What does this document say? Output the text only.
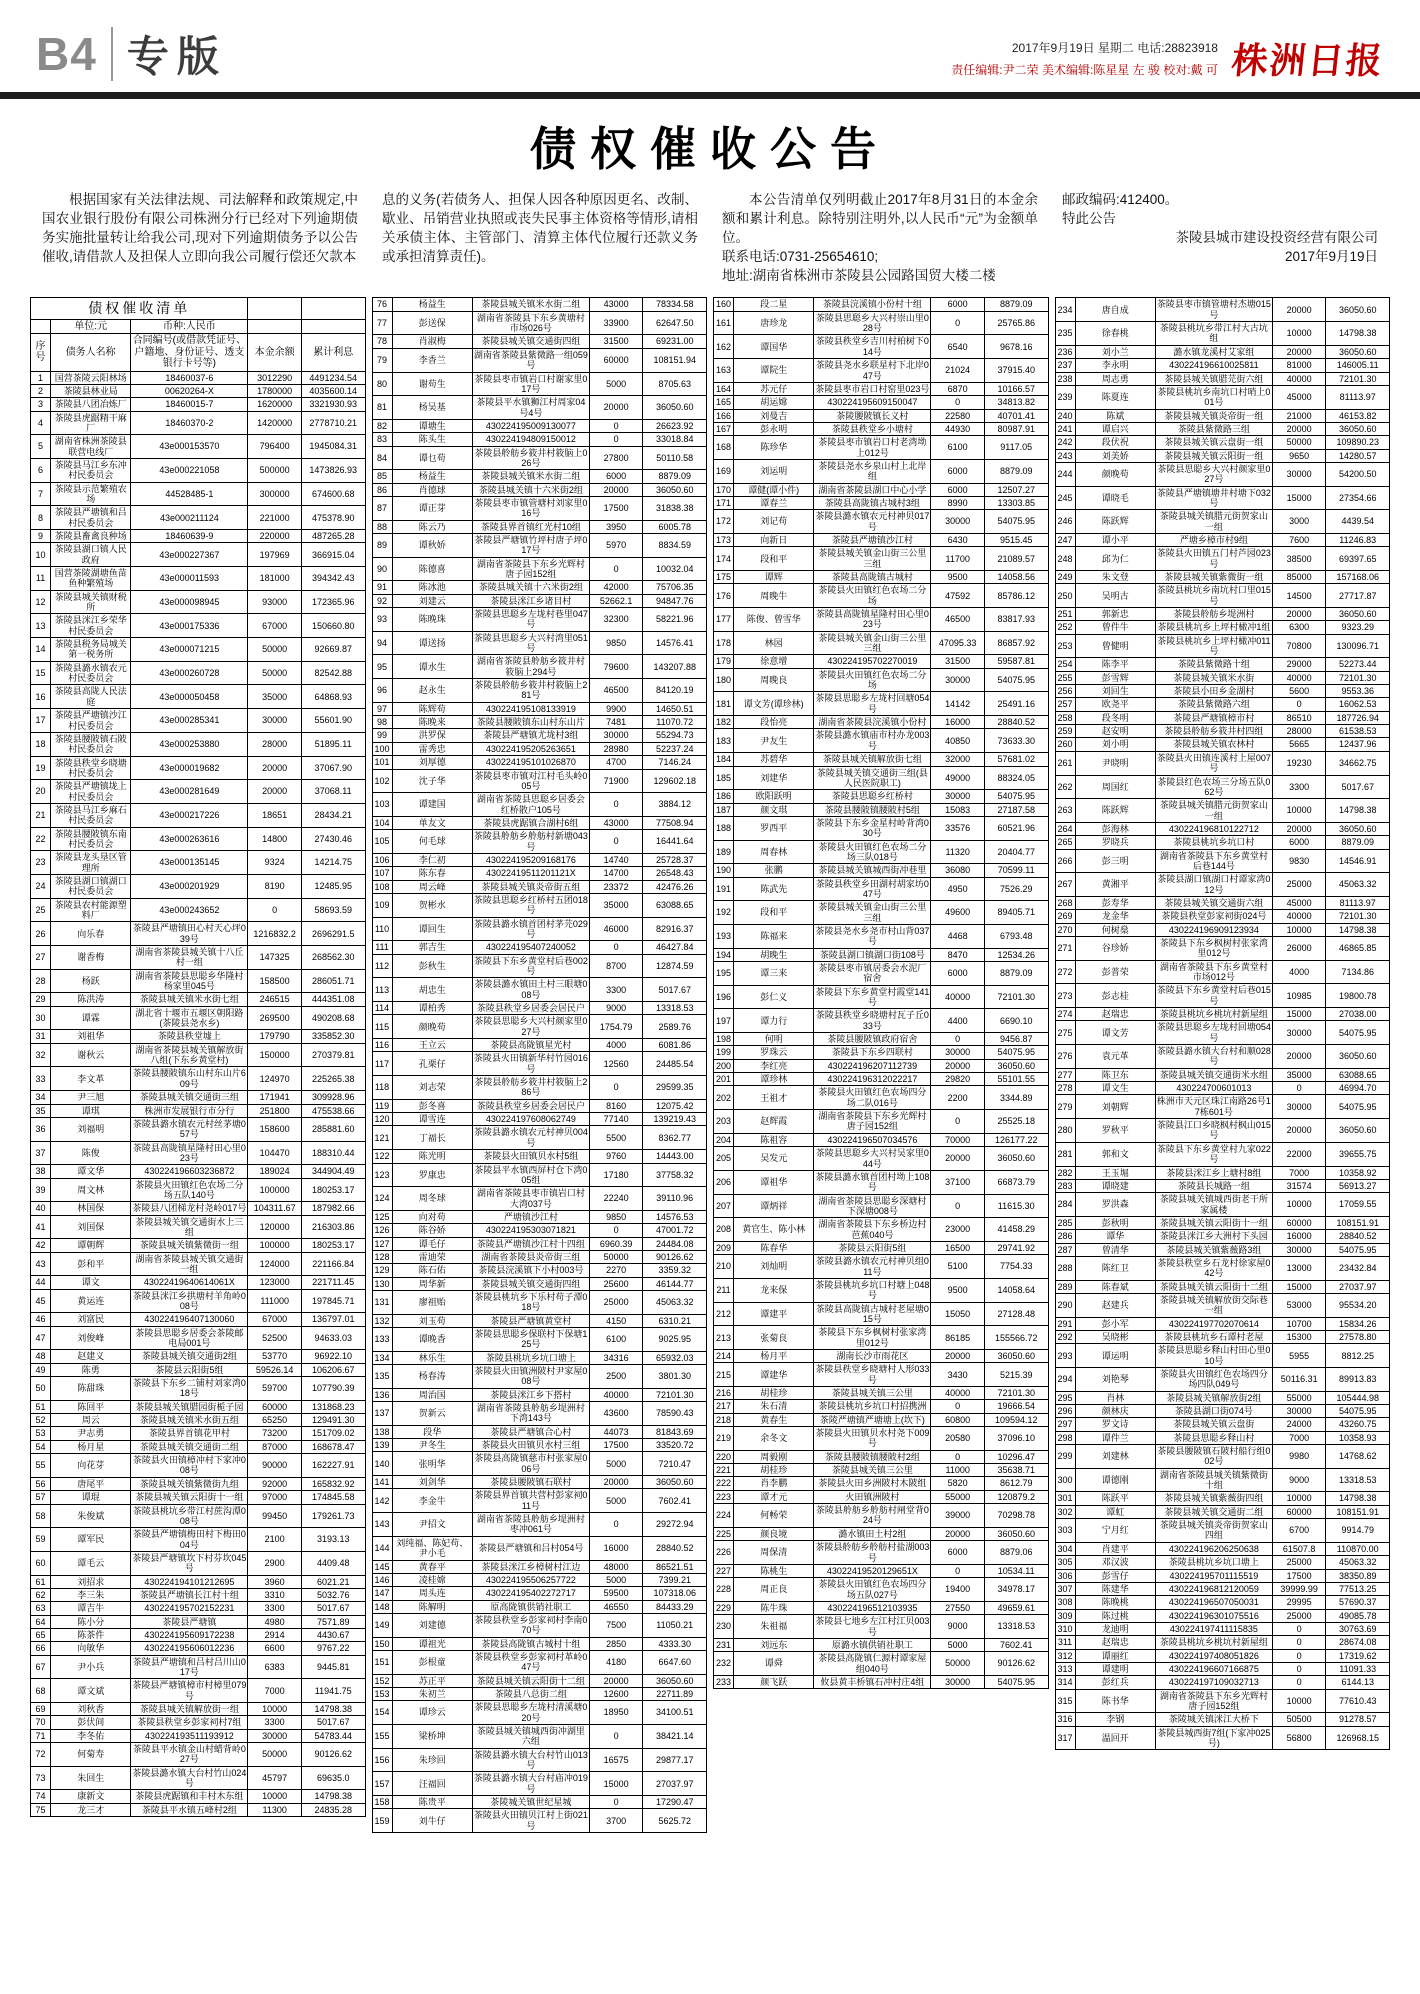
B4 专版	2017年9月19日 星期二 电话:28823918
责任编辑:尹二荣 美术编辑:陈星星 左 骏 校对:戴 可 株洲日报
债权催收公告

根据国家有关法律法规、司法解释和政策规定,中国农业银行股份有限公司株洲分行已经对下列逾期债务实施批量转让给我公司,现对下列逾期债务予以公告催收,请借款人及担保人立即向我公司履行偿还欠款本

息的义务(若债务人、担保人因各种原因更名、改制、歇业、吊销营业执照或丧失民事主体资格等情形,请相关承债主体、主管部门、清算主体代位履行还款义务或承担清算责任)。

本公告清单仅列明截止2017年8月31日的本金余额和累计利息。除特别注明外,以人民币“元”为金额单位。

联系电话:0731-25654610;

地址:湖南省株洲市茶陵县公园路国贸大楼二楼

邮政编码:412400。

特此公告

茶陵县城市建设投资经营有限公司

2017年9月19日

债权催收清单				
	单位:元	币种:人民币		
序号	债务人名称	合同编号(或借款凭证号、户籍地、身份证号、透支银行卡号等)	本金余额	累计利息
1	国营茶陵云阳林场	18460037-6	3012290	4491234.54
2	茶陵县林业局	00620264-X	1780000	4035600.14
3	茶陵县八团冶炼厂	18460015-7	1620000	3321930.93
4	茶陵县虎踞精干麻厂	18460370-2	1420000	2778710.21
5	湖南省株洲茶陵县联营电线厂	43e000153570	796400	1945084.31
6	茶陵县马江乡东冲村民委员会	43e000221058	500000	1473826.93
7	茶陵县示范繁殖农场	44528485-1	300000	674600.68
8	茶陵县严塘镇和吕村民委员会	43e000211124	221000	475378.90
9	茶陵县畜禽良种场	18460639-9	220000	487265.28
10	茶陵县湖口镇人民政府	43e000227367	197969	366915.04
11	国营茶陵湖塘鱼苗鱼种繁殖场	43e000011593	181000	394342.43
12	茶陵县城关镇财税所	43e000098945	93000	172365.96
13	茶陵县洣江乡荣华村民委员会	43e000175336	67000	150660.80
14	茶陵县税务局城关第一税务所	43e000071215	50000	92669.87
15	茶陵县潞水镇农元村民委员会	43e000260728	50000	82542.88
16	茶陵县高陇人民法庭	43e000050458	35000	64868.93
17	茶陵县严塘镇沙江村民委员会	43e000285341	30000	55601.90
18	茶陵县腰陂镇石陂村民委员会	43e000253880	28000	51895.11
19	茶陵县秩堂乡晓塘村民委员会	43e000019682	20000	37067.90
20	茶陵县严塘镇垅上村民委员会	43e000281649	20000	37068.11
21	茶陵县马江乡麻石村民委员会	43e000217226	18651	28434.21
22	茶陵县腰陂镇东南村民委员会	43e000263616	14800	27430.46
23	茶陵县龙头垦区管理所	43e000135145	9324	14214.75
24	茶陵县湖口镇湖口村民委员会	43e000201929	8190	12485.95
25	茶陵县农村能源塑料厂	43e000243652	0	58693.59
26	向乐春	茶陵县严塘镇田心村天心坪039号	1216832.2	2696291.5
27	谢香梅	湖南省茶陵县城关镇十八丘村一组	147325	268562.30
28	杨跃	湖南省茶陵县思聪乡华隆村杨家里045号	158500	286051.71
29	陈洪涛	茶陵县城关镇米水街七组	246515	444351.08
30	谭霖	湖北省十堰市五堰区朝阳路(茶陵县尧水乡)	269500	490208.68
31	刘祖华	茶陵县秩堂墟上	179790	335852.30
32	谢秋云	湖南省茶陵县城关镇解放街八组(下东乡黄堂村)	150000	270379.81
33	李文革	茶陵县腰陂镇东山村东山片609号	124970	225265.38
34	尹三旭	茶陵县城关镇交通街三组	171941	309928.96
35	谭琪	株洲市发展银行市分行	251800	475538.66
36	刘福明	茶陵县潞水镇农元村丝茅塘057号	158600	285881.60
37	陈俊	茶陵县高陇镇星隆村田心里023号	104470	188310.44
38	谭文华	430224196603236872	189024	344904.49
39	周文林	茶陵县火田镇红色农场二分场五队140号	100000	180253.17
40	林国保	茶陵县八团梯龙村尧岭017号	104311.67	187982.66
41	刘国保	茶陵县城关镇交通街水上三组	120000	216303.86
42	谭朝辉	茶陵县城关镇紫微街一组	100000	180253.17
43	彭和平	湖南省茶陵县城关镇交通街一组	124000	221166.84
44	谭文	43022419640614061X	123000	221711.45
45	黄运连	茶陵县洣江乡拱塘村羊角岭008号	111000	197845.71
46	刘富民	430224196407130060	67000	136797.01
47	刘俊峰	茶陵县思聪乡居委会茶陵邮电局001号	52500	94633.03
48	赵建义	茶陵县城关镇交通街2组	53770	96922.10
49	陈勇	茶陵县云阳街5组	59526.14	106206.67
50	陈甜珠	茶陵县下东乡二铺村刘家湾018号	59700	107790.39
51	陈回平	茶陵县城关镇腊园街栀子园	60000	131868.23
52	周云	茶陵县城关镇米水街五组	65250	129491.30
53	尹志勇	茶陵县界首镇花甲村	73200	151709.02
54	杨月星	茶陵县城关镇交通街二组	87000	168678.47
55	向花芽	茶陵县火田镇樟冲村下家冲008号	90000	162227.91
56	唐尾平	茶陵县城关镇紫微街九组	92000	165832.92
57	谭琨	茶陵县城关镇云阳街十一组	97000	174845.58
58	朱俊斌	茶陵县桃坑乡带江村蔗沟潭008号	99450	179261.73
59	谭军民	茶陵县严塘镇梅田村下梅田004号	2100	3193.13
60	谭毛云	茶陵县严塘镇坎下村芬坎045号	2900	4409.48
61	刘招求	430224194101212695	3960	6021.21
62	李三朱	茶陵县严塘镇长江村十组	3310	5032.76
63	谭吉牛	430224195702152231	3300	5017.67
64	陈小分	茶陵县严塘镇	4980	7571.89
65	陈茶件	430224195609172238	2914	4430.67
66	向敏华	430224195606012236	6600	9767.22
67	尹小兵	茶陵县严塘镇和吕村吕川山017号	6383	9445.81
68	谭文斌	茶陵县严塘镇樟市村樟里079号	7000	11941.75
69	刘秋香	茶陵县城关镇解放街一组	10000	14798.38
70	彭伏间	茶陵县秩堂乡彭家祠村7组	3300	5017.67
71	李冬佑	430224193511193912	30000	54783.44
72	何菊寿	茶陵县平水镇金山村蜡背岭027号	50000	90126.62
73	朱回生	茶陵县潞水镇大台村竹山024号	45797	69635.0
74	康新文	茶陵县虎踞镇和丰村木东组	10000	14798.38
75	龙三才	茶陵县平水镇五峰村2组	11300	24835.28
76	杨益生	茶陵县城关镇米水街二组	43000	78334.58
77	彭送保	湖南省茶陵县下东乡黄塘村市场026号	33900	62647.50
78	肖淑梅	茶陵县城关镇交通街四组	31500	69231.00
79	李香兰	湖南省茶陵县紫微路一组059号	60000	108151.94
80	谢苟生	茶陵县枣市镇岩口村谢家里017号	5000	8705.63
81	杨吴基	茶陵县平水镇狮江村周家04号4号	20000	36050.60
82	谭塘生	430224195009130077	0	26623.92
83	陈头生	430224194809150012	0	33018.84
84	谭乜苟	茶陵县舲舫乡筱井村筱脑上026号	27800	50110.58
85	杨益生	茶陵县城关镇米水街二组	6000	8879.09
86	肖德球	茶陵县城关镇十六米街2组	20000	36050.60
87	谭正芽	茶陵县枣市镇管塘村刘家里016号	17500	31838.38
88	陈云乃	茶陵县界首镇红光村10组	3950	6005.78
89	谭秋娇	茶陵县严塘镇竹坪村唐子坪017号	5970	8834.59
90	陈德喜	湖南省茶陵县下东乡光辉村唐子园152组	0	10032.04
91	陈冰池	茶陵县城关镇十六米街2组	42000	75706.35
92	刘建云	茶陵县洣江乡诸目村	52662.1	94847.76
93	陈晚珠	茶陵县思聪乡左垅村巷里047号	32300	58221.96
94	谭送扬	茶陵县思聪乡大兴村湾里051号	9850	14576.41
95	谭水生	湖南省茶陵县舲舫乡筱井村筱脑上294号	79600	143207.88
96	赵永生	茶陵县舲舫乡筱井村筱脑上281号	46500	84120.19
97	陈辉苟	430224195108133919	9900	14650.51
98	陈晚来	茶陵县腰陂镇东山村东山片	7481	11070.72
99	洪罗保	茶陵县严塘镇尤垅村3组	30000	55294.73
100	雷秀忠	430224195205263651	28980	52237.24
101	刘厚德	430224195101026870	4700	7146.24
102	沈子华	茶陵县枣市镇对江村毛头岭005号	71900	129602.18
103	谭建国	湖南省茶陵县思聪乡居委会红桥散户105号	0	3884.12
104	单友文	茶陵县虎踞镇合湖村6组	43000	77508.94
105	何毛球	茶陵县舲舫乡舲舫村新塘043号	0	16441.64
106	李仁初	430224195209168176	14740	25728.37
107	陈东春	43022419511201121X	14700	26548.43
108	周云峰	茶陵县城关镇炎帝街五组	23372	42476.26
109	贺彬水	茶陵县思聪乡红桥村五团018号	35000	63088.65
110	谭回生	茶陵县潞水镇首团村茅芫029号	46000	82916.37
111	郭吉生	430224195407240052	0	46427.84
112	彭秋生	茶陵县下东乡黄堂村后巷002号	8700	12874.59
113	胡忠生	茶陵县潞水镇田土村三眼塘008号	3300	5017.67
114	谭柏秀	茶陵县秩堂乡居委会居民户	9000	13318.53
115	颜晚苟	茶陵县思聪乡大兴村颜家里027号	1754.79	2589.76
116	王立云	茶陵县高陇镇星光村	4000	6081.86
117	孔栗仔	茶陵县火田镇新华村竹园016号	12560	24485.54
118	刘志荣	茶陵县舲舫乡筱井村筱脑上286号	0	29599.35
119	彭冬喜	茶陵县秩堂乡居委会居民户	8160	12075.42
120	谭雪连	430224197608062749	77140	139219.43
121	丁福长	茶陵县潞水镇农元村神贝004号	5500	8362.77
122	陈光明	茶陵县火田镇贝水村5组	9760	14443.00
123	罗康忠	茶陵县平水镇西屏村仓下湾005组	17180	37758.32
124	周冬球	湖南省茶陵县枣市镇岩口村大湾037号	22240	39110.96
125	向对苟	严塘镇沙江村	9850	14576.53
126	陈谷娇	430224195303071821	0	47001.72
127	谭毛仔	茶陵县严塘镇沙江村十四组	6960.39	24484.08
128	雷迪荣	湖南省茶陵县炎帝街三组	50000	90126.62
129	陈石佑	茶陵县浣溪镇下小村003号	2270	3359.32
130	周华新	茶陵县城关镇交通街四组	25600	46144.77
131	廖祖贻	茶陵县桃坑乡下乐村苟子潭018号	25000	45063.32
132	刘玉苟	茶陵县严塘镇黄堂村	4150	6310.21
133	谭晚香	茶陵县思聪乡保联村下保塘125号	6100	9025.95
134	林乐生	茶陵县桃坑乡坑口塘上	34316	65932.03
135	杨春涛	茶陵县火田镇洲陂村尹家屋008号	2500	3801.30
136	周治国	茶陵县洣江乡下搭村	40000	72101.30
137	贺新云	湖南省茶陵县舲舫乡堤洲村下湾143号	43600	78590.43
138	段华	茶陵县严塘镇合心村	44073	81843.69
139	尹冬生	茶陵县火田镇贝水村三组	17500	33520.72
140	张明华	茶陵县高陇镇慈市村张家屋006号	5000	7210.47
141	刘剑华	茶陵县腰陂镇石联村	20000	36050.60
142	李金牛	茶陵县界首镇共营村彭家祠011号	5000	7602.41
143	尹招文	湖南省茶陵县舲舫乡堤洲村枣冲061号	0	29272.94
144	刘纯福、陈妃苟、尹小毛	茶陵县严塘镇和吕村054号	16000	28840.52
145	黄春平	茶陵县洣江乡樟树村江边	48000	86521.51
146	凌桂嫦	430224195506257722	5000	7399.21
147	周头连	430224195402272717	59500	107318.06
148	陈解明	原高陇镇供销社职工	46550	84433.29
149	刘建德	茶陵县秩堂乡彭家祠村李南070号	7500	11050.21
150	谭祖光	茶陵县高陇镇古城村十组	2850	4333.30
151	彭根童	茶陵县秩堂乡彭家祠村革岭047号	4180	6647.60
152	苏正平	茶陵县城关镇云阳街十二组	20000	36050.60
153	朱初兰	茶陵县八总街二组	12600	22711.89
154	谭珍云	茶陵县思聪乡左垅村清溪塘020号	18950	34100.51
155	梁桥坤	茶陵县城关镇城西街冲湖里六组	0	38421.14
156	朱珍回	茶陵县潞水镇大台村竹山013号	16575	29877.17
157	汪福回	茶陵县潞水镇大台村庙冲019号	15000	27037.97
158	陈贵平	茶陵城关镇世纪星城	0	17290.47
159	刘牛仔	茶陵县火田镇贝江村上街021号	3700	5625.72
160	段二星	茶陵县浣溪镇小份村十组	6000	8879.09
161	唐珍龙	茶陵县思聪乡大兴村崇山里028号	0	25765.86
162	谭国华	茶陵县秩堂乡吉川村柏树下014号	6540	9678.16
163	谭院生	茶陵县尧水乡联星村下北岸047号	21024	37915.40
164	苏元仔	茶陵县枣市岩口村窑里023号	6870	10166.57
165	胡运嫦	430224195609150047	0	34813.82
166	刘曼吉	茶陵腰陂镇长义村	22580	40701.41
167	彭永明	茶陵县秩堂乡小塘村	44930	80987.91
168	陈珍华	茶陵县枣市镇岩口村老湾坳上012号	6100	9117.05
169	刘运明	茶陵县尧水乡泉山村上北岸组	6000	8879.09
170	谭健(谭小件)	湖南省茶陵县湖口中心小学	6000	12507.27
171	谭春兰	茶陵县高陇镇古城村3组	8990	13303.85
172	刘记苟	茶陵县潞水镇农元村神贝017号	30000	54075.95
173	向新日	茶陵县严塘镇沙江村	6430	9515.45
174	段和平	茶陵县城关镇金山街三公里三组	11700	21089.57
175	谭辉	茶陵县高陇镇古城村	9500	14058.56
176	周晚牛	茶陵县火田镇红色农场二分场	47592	85786.12
177	陈俊、曾雪华	茶陵县高陇镇星隆村田心里023号	46500	83817.93
178	林园	茶陵县城关镇金山街三公里三组	47095.33	86857.92
179	徐意增	430224195702270019	31500	59587.81
180	周晚良	茶陵县火田镇红色农场二分场	30000	54075.95
181	谭文芳(谭珍林)	茶陵县思聪乡左垅村回塘054号	14142	25491.16
182	段怡亮	湖南省茶陵县浣溪镇小份村	16000	28840.52
183	尹友生	茶陵县潞水镇庙市村办龙003号	40850	73633.30
184	苏碧华	茶陵县城关镇解放街七组	32000	57681.02
185	刘建华	茶陵县城关镇交通街三组(县人民医院职工)	49000	88324.05
186	欧阳跃明	茶陵县思聪乡红桥村	30000	54075.95
187	颜文琪	茶陵县腰陂镇腰陂村5组	15083	27187.58
188	罗西平	茶陵县下东乡金星村岭背湾030号	33576	60521.96
189	周春林	茶陵县火田镇红色农场二分场三队018号	11320	20404.77
190	张鹏	茶陵县城关镇城西街冲巷里	36080	70599.11
191	陈武先	茶陵县秩堂乡田湖村胡家坊047号	4950	7526.29
192	段和平	茶陵县城关镇金山街三公里三组	49600	89405.71
193	陈福来	茶陵县尧水乡尧市村山背037号	4468	6793.48
194	胡晚生	茶陵县湖口镇湖口街108号	8470	12534.26
195	谭三来	茶陵县枣市镇居委会水泥厂宿舍	6000	8879.09
196	彭仁义	茶陵县下东乡黄堂村霞堂141号	40000	72101.30
197	谭力行	茶陵县秩堂乡晓塘村瓦子丘033号	4400	6690.10
198	何明	茶陵县腰陂镇政府宿舍	0	9456.87
199	罗珠云	茶陵县下东乡四联村	30000	54075.95
200	李红亮	430224196207112739	20000	36050.60
201	谭珍林	430224196312022217	29820	55101.55
202	王祖才	茶陵县火田镇红色农场四分场二队016号	2200	3344.89
203	赵辉霞	湖南省茶陵县下东乡光辉村唐子园152组	0	25525.18
204	陈祖容	430224196507034576	70000	126177.22
205	吴发元	茶陵县思聪乡大兴村吴家里044号	20000	36050.60
206	谭祖华	茶陵县潞水镇首团村坳上108号	37100	66873.79
207	谭炳祥	湖南省茶陵县思聪乡深塘村下深塘008号	0	11615.30
208	黄官生、陈小林	湖南省茶陵县下东乡桥边村芭蕉040号	23000	41458.29
209	陈春华	茶陵县云阳街5组	16500	29741.92
210	刘灿明	茶陵县潞水镇农元村神贝组011号	5100	7754.33
211	龙来保	茶陵县桃坑乡坑口村塘上048号	9500	14058.64
212	谭建平	茶陵县高陇镇古城村老屋塘015号	15050	27128.48
213	张菊良	茶陵县下东乡枫树村张家湾里012号	86185	155566.72
214	杨月平	湖南长沙市雨花区	20000	36050.60
215	谭建华	茶陵县秩堂乡晓塘村人形033号	3430	5215.39
216	胡桂珍	茶陵县城关镇三公里	40000	72101.30
217	朱石清	茶陵县桃坑乡坑口村招携洲	0	19666.54
218	黄春生	茶陵严塘镇严塘塘上(坎下)	60800	109594.12
219	余冬文	茶陵县火田镇贝水村尧下009号	20580	37096.10
220	周毅刚	茶陵县腰陂镇腰陂村2组	0	10296.47
221	胡桂珍	茶陵县城关镇三公里	11000	35638.71
222	肖李鹏	茶陵县火田乡洲陂村木陂组	5820	8612.79
223	谭才元	火田镇洲陂村	55000	120879.2
224	何畅荣	茶陵县舲舫乡舲舫村闸堂背024号	39000	70298.78
225	颜良境	潞水镇田土村2组	20000	36050.60
226	周保清	茶陵县舲舫乡舲舫村盐湖003号	6000	8879.06
227	陈桃生	43022419520129651X	0	10534.11
228	周正良	茶陵县火田镇红色农场四分场五队027号	19400	34978.17
229	陈牛珠	430224196512103935	27550	49659.61
230	朱祖福	茶陵县七地乡左江村江贝003号	9000	13318.53
231	刘远东	原潞水镇供销社职工	5000	7602.41
232	谭舜	茶陵县高陇镇仁源村谭家屋组040号	50000	90126.62
233	颜飞跃	攸县黄丰桥镇石冲村庄4组	30000	54075.95
234	唐自成	茶陵县枣市镇管塘村杰塘015号	20000	36050.60
235	徐春桃	茶陵县桃坑乡带江村大古坑组	10000	14798.38
236	刘小兰	潞水镇龙溪村艾家组	20000	36050.60
237	李永明	430224196610025811	81000	146005.11
238	周志勇	茶陵县城关镇腊芫街六组	40000	72101.30
239	陈夏连	茶陵县桃坑乡南坑口村哨上001号	45000	81113.97
240	陈斌	茶陵县城关镇炎帝街一组	21000	46153.82
241	谭启兴	茶陵县紫微路三组	20000	36050.60
242	段伏祝	茶陵县城关镇云盘街一组	50000	109890.23
243	刘美娇	茶陵县城关镇云阳街一组	9650	14280.57
244	颜晚苟	茶陵县思聪乡大兴村颜家里027号	30000	54200.50
245	谭晓毛	茶陵县严塘镇塘井村塘下032号	15000	27354.66
246	陈跃辉	茶陵县城关镇腊元街贺家山一组	3000	4439.54
247	谭小平	严塘乡樟市村9组	7600	11246.83
248	邱为仁	茶陵县火田镇五门村芦园023号	38500	69397.65
249	朱文登	茶陵县城关镇紫微街一组	85000	157168.06
250	吴明古	茶陵县桃坑乡南坑村口里015号	14500	27717.87
251	郭新忠	茶陵县舲舫乡堤洲村	20000	36050.60
252	曾件牛	茶陵县桃坑乡上坪村橄冲1组	6300	9323.29
253	曾健明	茶陵县桃坑乡上坪村橄冲011号	70800	130096.71
254	陈李平	茶陵县紫微路十组	29000	52273.44
255	彭雪辉	茶陵县城关镇米水街	40000	72101.30
256	刘回生	茶陵县小田乡金湖村	5600	9553.36
257	欧尧平	茶陵县紫微路六组	0	16062.53
258	段冬明	茶陵县严塘镇樟市村	86510	187726.94
259	赵安明	茶陵县舲舫乡筱井村四组	28000	61538.53
260	刘小明	茶陵县城关镇农林村	5665	12437.96
261	尹晓明	茶陵县火田镇连溪村上屋007号	19230	34662.75
262	周国红	茶陵县红色农场三分场五队062号	3300	5017.67
263	陈跃辉	茶陵县城关镇腊元街贺家山一组	10000	14798.38
264	彭海林	430224196810122712	20000	36050.60
265	罗晓兵	茶陵县桃坑乡坑口村	6000	8879.09
266	彭三明	湖南省茶陵县下东乡黄堂村后巷144号	9830	14546.91
267	黄湘平	茶陵县湖口镇湖口村谭家湾012号	25000	45063.32
268	彭寿华	茶陵县城关镇交通街六组	45000	81113.97
269	龙金华	茶陵县秩堂彭家祠街024号	40000	72101.30
270	何树燊	430224196909123934	10000	14798.38
271	谷珍娇	茶陵县下东乡枫树村张家湾里012号	26000	46865.85
272	彭普荣	湖南省茶陵县下东乡黄堂村市场012号	4000	7134.86
273	彭志桂	茶陵县下东乡黄堂村后巷015号	10985	19800.78
274	赵瑞忠	茶陵县桃坑乡桃坑村新屋组	15000	27038.00
275	谭文芳	茶陵县思聪乡左垅村回塘054号	30000	54075.95
276	袁元革	茶陵县潞水镇大台村和顺028号	20000	36050.60
277	陈卫东	茶陵县城关镇交通街米水组	35000	63088.65
278	谭文生	430224700601013	0	46994.70
279	刘朝辉	株洲市天元区珠江南路26号17栋601号	30000	54075.95
280	罗秋平	茶陵县江口乡晓枫村枫山015号	20000	36050.60
281	郭和文	茶陵县下东乡黄堂村九家022号	22000	39655.75
282	王玉堀	茶陵县洣江乡上塘村8组	7000	10358.92
283	谭晓建	茶陵县长城路一组	31574	56913.27
284	罗洪森	茶陵县城关镇城西街老干所家属楼	10000	17059.55
285	彭秋明	茶陵县城关镇云阳街十一组	60000	108151.91
286	谭华	茶陵县洣江乡大洲村下头园	16000	28840.52
287	曾清华	茶陵县城关镇紫薇路3组	30000	54075.95
288	陈红卫	茶陵县秩堂乡石龙村徐家屋042号	13000	23432.84
289	陈春斌	茶陵县城关镇云阳街十二组	15000	27037.97
290	赵建兵	茶陵县城关镇解放街交际巷一组	53000	95534.20
291	彭小军	430224197702070614	10700	15834.26
292	吴晓彬	茶陵县桃坑乡石谭村老屋	15300	27578.80
293	谭运明	茶陵县思聪乡释山村田心里010号	5955	8812.25
294	刘艳琴	茶陵县火田镇红色农场四分场四队049号	50116.31	89913.83
295	肖林	茶陵县城关镇解放街2组	55000	105444.98
296	颜林庆	茶陵县湖口街074号	30000	54075.95
297	罗文诗	茶陵县城关镇云盘街	24000	43260.75
298	谭件兰	茶陵县思聪乡释山村	7000	10358.93
299	刘建林	茶陵县腰陂镇石陂村船行组002号	9980	14768.62
300	谭德刚	湖南省茶陵县城关镇紫微街十组	9000	13318.53
301	陈跃平	茶陵县城关镇紫薇街四组	10000	14798.38
302	谭虹	茶陵县城关镇交通街二组	60000	108151.91
303	宁月红	茶陵县城关镇炎帝街贺家山四组	6700	9914.79
304	肖建平	430224196206250638	61507.8	110870.00
305	邓汉波	茶陵县桃坑乡坑口塘上	25000	45063.32
306	彭雪仔	430224195701115519	17500	38350.89
307	陈建华	430224196812120059	39999.99	77513.25
308	陈晚桃	430224196507050031	29995	57690.37
309	陈过桃	430224196301075516	25000	49085.78
310	龙迪明	430224197411115835	0	30763.69
311	赵瑞忠	茶陵县桃坑乡桃坑村新屋组	0	28674.08
312	谭丽红	430224197408051826	0	17319.62
313	谭建明	430224196607166875	0	11091.33
314	彭红兵	430224197109032713	0	6144.13
315	陈书华	湖南省茶陵县下东乡光辉村唐子园152组	10000	77610.43
316	李钢	茶陵城关镇洣江大桥下	50500	91278.57
317	温回开	茶陵县城西街7组(下家冲025号)	56800	126968.15
